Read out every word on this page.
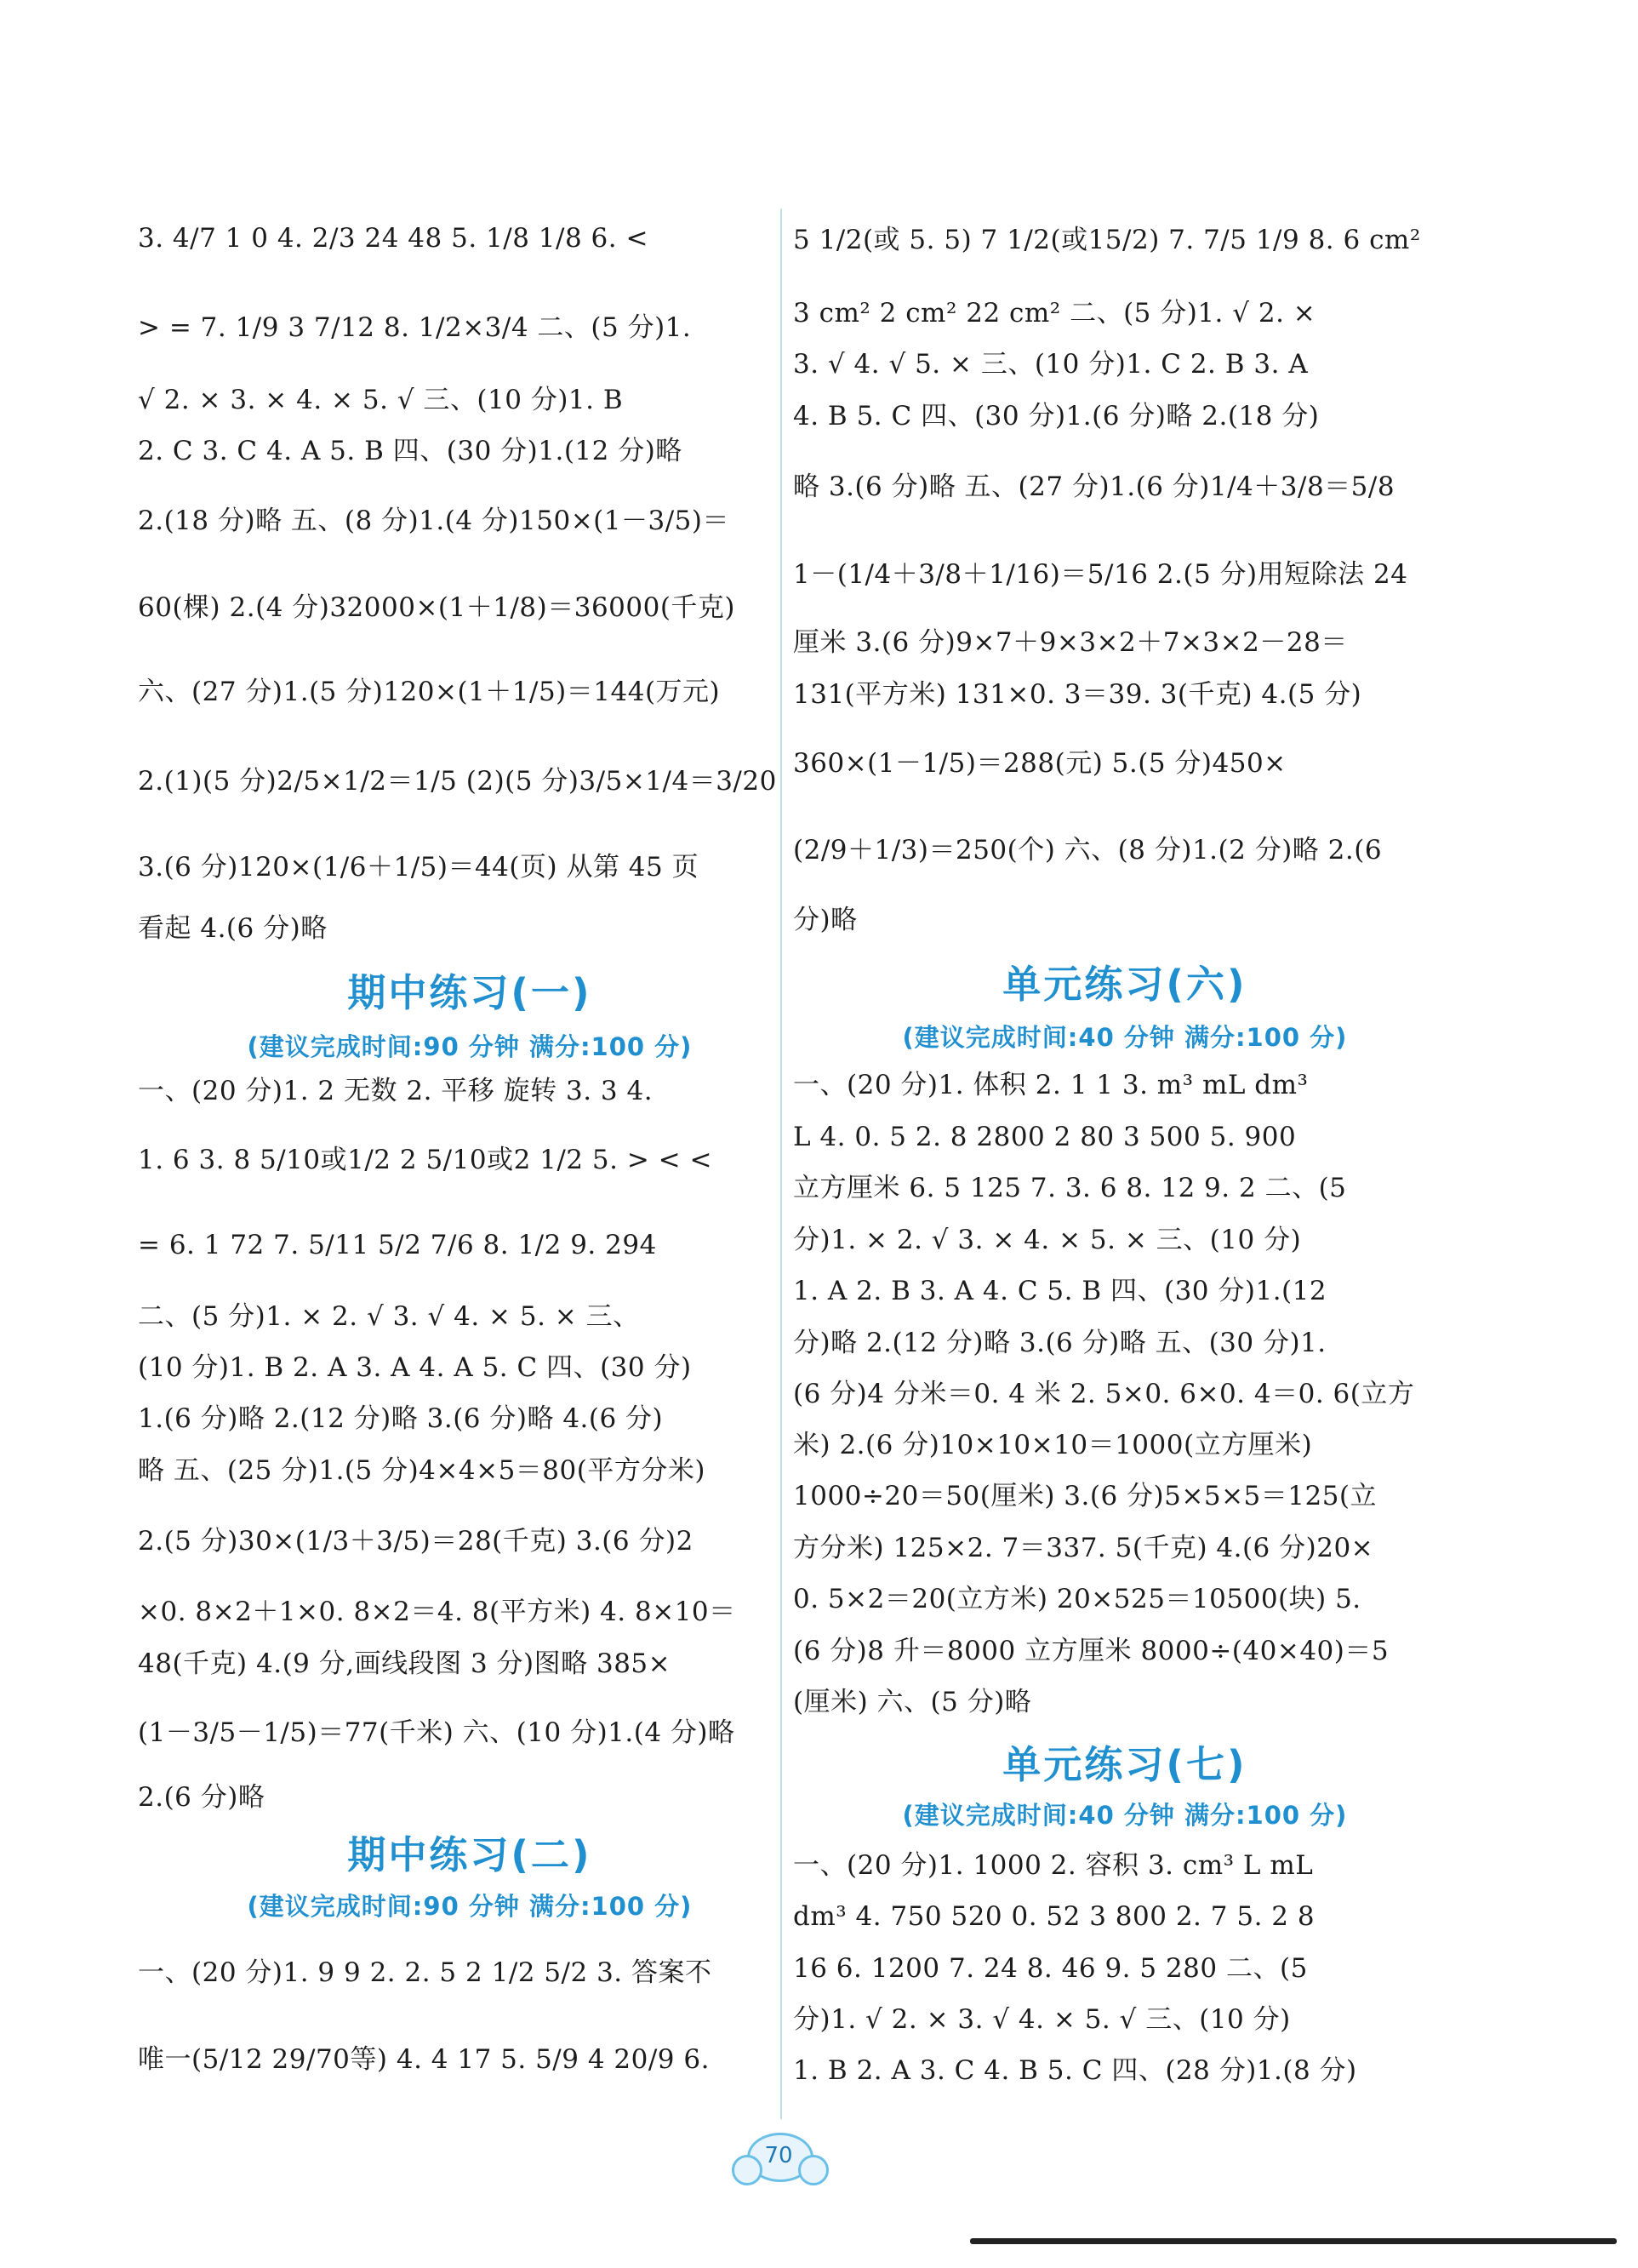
3. 4/7 1 0 4. 2/3 24 48 5. 1/8 1/8 6. <
> = 7. 1/9 3 7/12 8. 1/2×3/4 二、(5 分)1.
√ 2. × 3. × 4. × 5. √ 三、(10 分)1. B
2. C 3. C 4. A 5. B 四、(30 分)1.(12 分)略
2.(18 分)略 五、(8 分)1.(4 分)150×(1－3/5)＝
60(棵) 2.(4 分)32000×(1＋1/8)＝36000(千克)
六、(27 分)1.(5 分)120×(1＋1/5)＝144(万元)
2.(1)(5 分)2/5×1/2＝1/5 (2)(5 分)3/5×1/4＝3/20
3.(6 分)120×(1/6＋1/5)＝44(页) 从第 45 页
看起 4.(6 分)略
期中练习(一)
(建议完成时间:90 分钟 满分:100 分)
一、(20 分)1. 2 无数 2. 平移 旋转 3. 3 4.
1. 6 3. 8 5/10或1/2 2 5/10或2 1/2 5. > < <
= 6. 1 72 7. 5/11 5/2 7/6 8. 1/2 9. 294
二、(5 分)1. × 2. √ 3. √ 4. × 5. × 三、
(10 分)1. B 2. A 3. A 4. A 5. C 四、(30 分)
1.(6 分)略 2.(12 分)略 3.(6 分)略 4.(6 分)
略 五、(25 分)1.(5 分)4×4×5＝80(平方分米)
2.(5 分)30×(1/3＋3/5)＝28(千克) 3.(6 分)2
×0. 8×2＋1×0. 8×2＝4. 8(平方米) 4. 8×10＝
48(千克) 4.(9 分,画线段图 3 分)图略 385×
(1－3/5－1/5)＝77(千米) 六、(10 分)1.(4 分)略
2.(6 分)略
期中练习(二)
(建议完成时间:90 分钟 满分:100 分)
一、(20 分)1. 9 9 2. 2. 5 2 1/2 5/2 3. 答案不
唯一(5/12 29/70等) 4. 4 17 5. 5/9 4 20/9 6.
5 1/2(或 5. 5) 7 1/2(或15/2) 7. 7/5 1/9 8. 6 cm²
3 cm² 2 cm² 22 cm² 二、(5 分)1. √ 2. ×
3. √ 4. √ 5. × 三、(10 分)1. C 2. B 3. A
4. B 5. C 四、(30 分)1.(6 分)略 2.(18 分)
略 3.(6 分)略 五、(27 分)1.(6 分)1/4＋3/8＝5/8
1－(1/4＋3/8＋1/16)＝5/16 2.(5 分)用短除法 24
厘米 3.(6 分)9×7＋9×3×2＋7×3×2－28＝
131(平方米) 131×0. 3＝39. 3(千克) 4.(5 分)
360×(1－1/5)＝288(元) 5.(5 分)450×
(2/9＋1/3)＝250(个) 六、(8 分)1.(2 分)略 2.(6
分)略
单元练习(六)
(建议完成时间:40 分钟 满分:100 分)
一、(20 分)1. 体积 2. 1 1 3. m³ mL dm³
L 4. 0. 5 2. 8 2800 2 80 3 500 5. 900
立方厘米 6. 5 125 7. 3. 6 8. 12 9. 2 二、(5
分)1. × 2. √ 3. × 4. × 5. × 三、(10 分)
1. A 2. B 3. A 4. C 5. B 四、(30 分)1.(12
分)略 2.(12 分)略 3.(6 分)略 五、(30 分)1.
(6 分)4 分米＝0. 4 米 2. 5×0. 6×0. 4＝0. 6(立方
米) 2.(6 分)10×10×10＝1000(立方厘米)
1000÷20＝50(厘米) 3.(6 分)5×5×5＝125(立
方分米) 125×2. 7＝337. 5(千克) 4.(6 分)20×
0. 5×2＝20(立方米) 20×525＝10500(块) 5.
(6 分)8 升＝8000 立方厘米 8000÷(40×40)＝5
(厘米) 六、(5 分)略
单元练习(七)
(建议完成时间:40 分钟 满分:100 分)
一、(20 分)1. 1000 2. 容积 3. cm³ L mL
dm³ 4. 750 520 0. 52 3 800 2. 7 5. 2 8
16 6. 1200 7. 24 8. 46 9. 5 280 二、(5
分)1. √ 2. × 3. √ 4. × 5. √ 三、(10 分)
1. B 2. A 3. C 4. B 5. C 四、(28 分)1.(8 分)
70
